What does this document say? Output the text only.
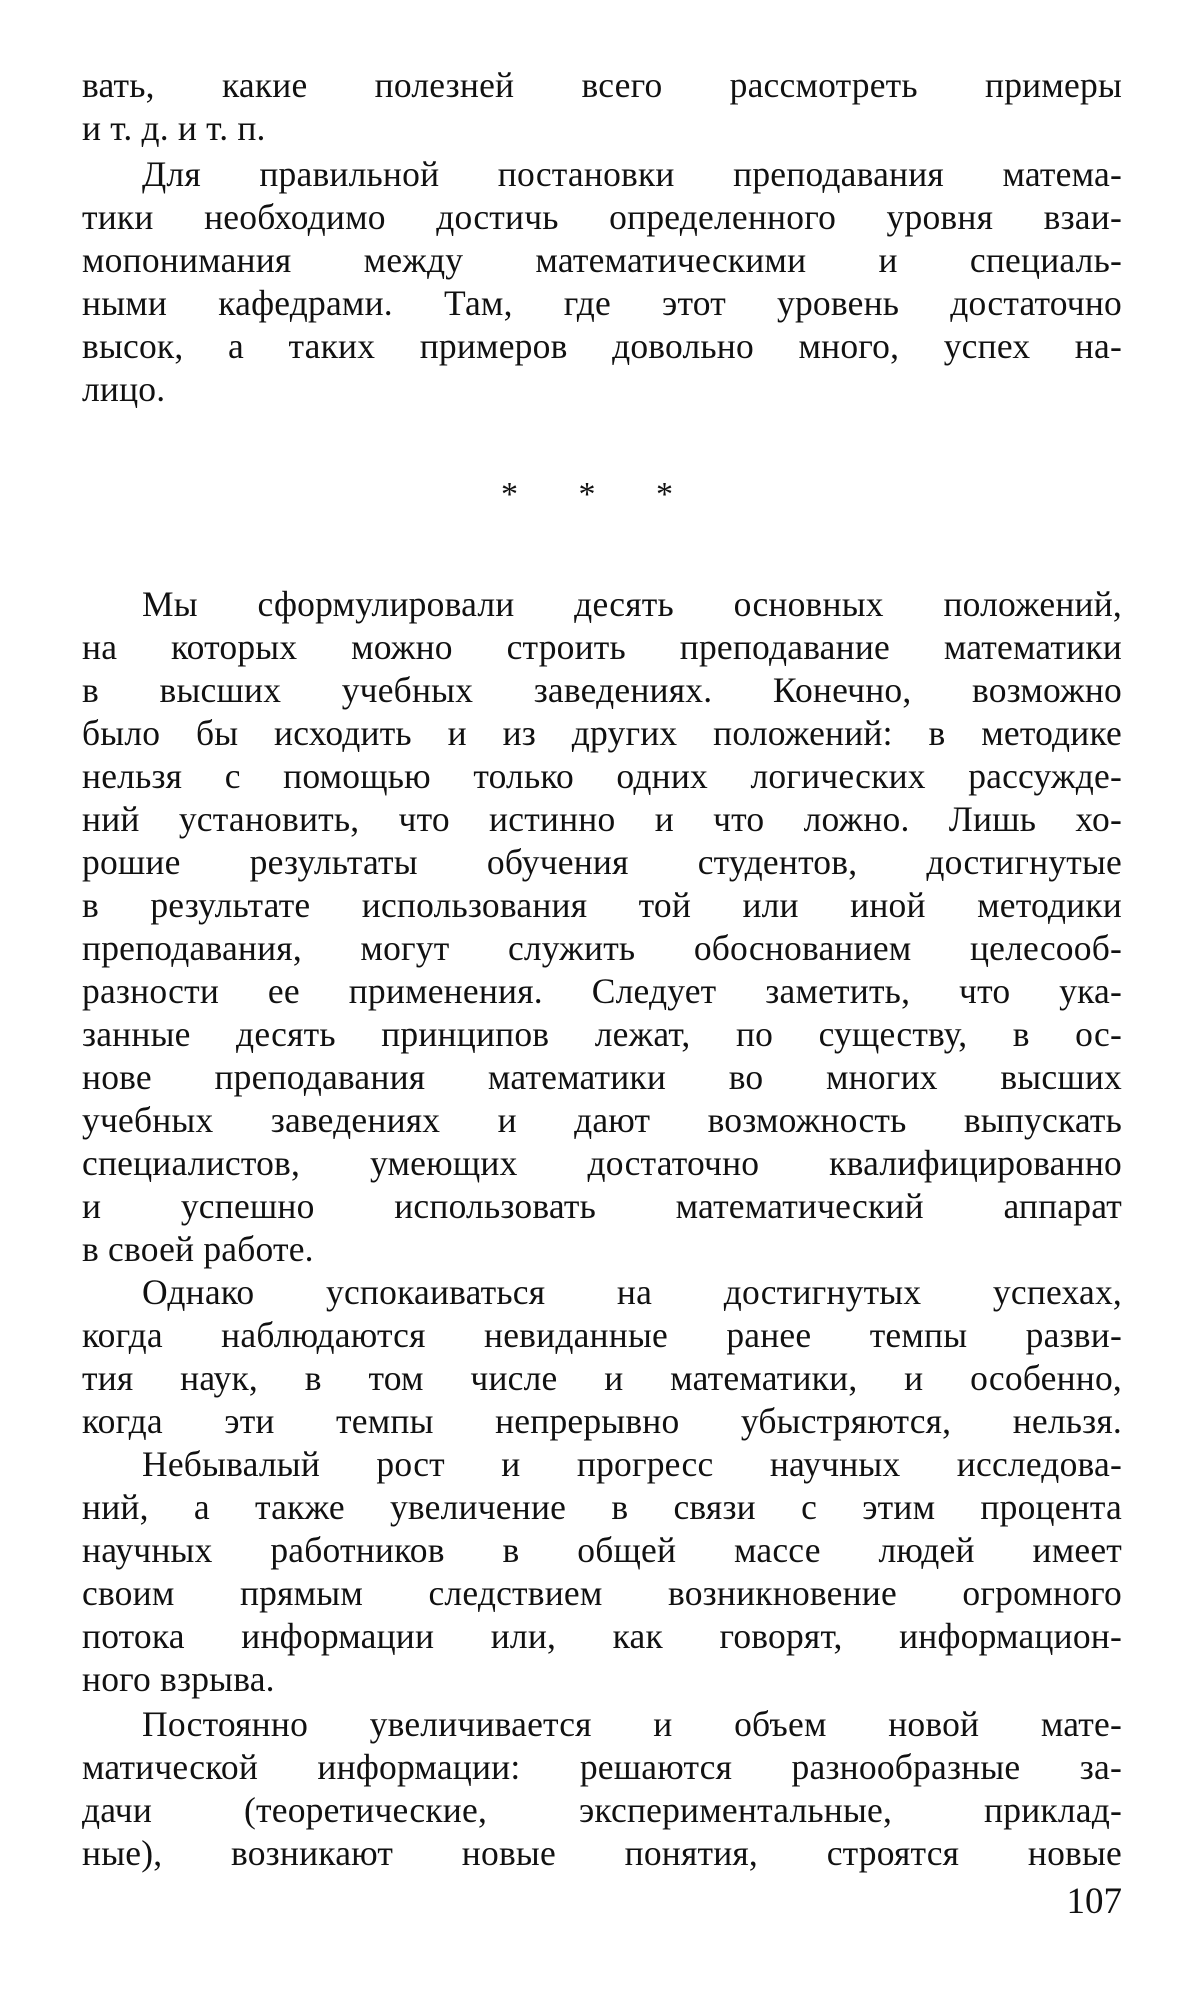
вать, какие полезней всего рассмотреть примеры
и т. д. и т. п.
Для правильной постановки преподавания матема-
тики необходимо достичь определенного уровня взаи-
мопонимания между математическими и специаль-
ными кафедрами. Там, где этот уровень достаточно
высок, а таких примеров довольно много, успех на-
лицо.
* * *
Мы сформулировали десять основных положений,
на которых можно строить преподавание математики
в высших учебных заведениях. Конечно, возможно
было бы исходить и из других положений: в методике
нельзя с помощью только одних логических рассужде-
ний установить, что истинно и что ложно. Лишь хо-
рошие результаты обучения студентов, достигнутые
в результате использования той или иной методики
преподавания, могут служить обоснованием целесооб-
разности ее применения. Следует заметить, что ука-
занные десять принципов лежат, по существу, в ос-
нове преподавания математики во многих высших
учебных заведениях и дают возможность выпускать
специалистов, умеющих достаточно квалифицированно
и успешно использовать математический аппарат
в своей работе.
Однако успокаиваться на достигнутых успехах,
когда наблюдаются невиданные ранее темпы разви-
тия наук, в том числе и математики, и особенно,
когда эти темпы непрерывно убыстряются, нельзя.
Небывалый рост и прогресс научных исследова-
ний, а также увеличение в связи с этим процента
научных работников в общей массе людей имеет
своим прямым следствием возникновение огромного
потока информации или, как говорят, информацион-
ного взрыва.
Постоянно увеличивается и объем новой мате-
матической информации: решаются разнообразные за-
дачи (теоретические, экспериментальные, приклад-
ные), возникают новые понятия, строятся новые
107
